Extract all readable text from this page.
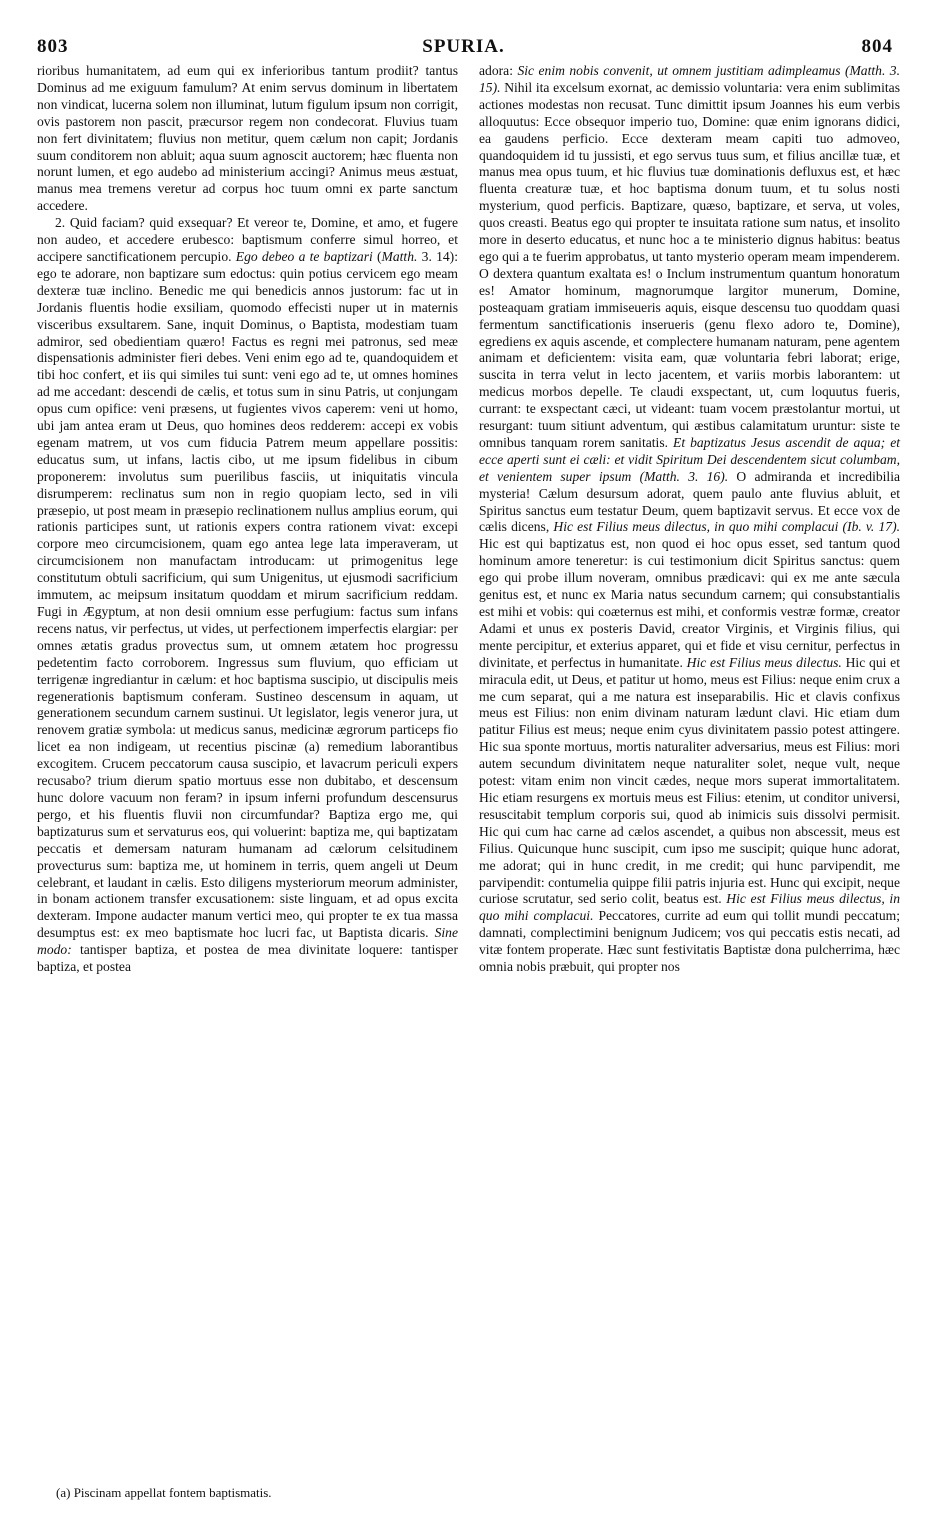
SPURIA.
803	804

rioribus humanitatem, ad eum qui ex inferioribus tantum prodiit? tantus Dominus ad me exiguum famulum? At enim servus dominum in libertatem non vindicat, lucerna solem non illuminat, lutum figulum ipsum non corrigit, ovis pastorem non pascit, præcursor regem non condecorat. Fluvius tuam non fert divinitatem; fluvius non metitur, quem cælum non capit; Jordanis suum conditorem non abluit; aqua suum agnoscit auctorem; hæc fluenta non norunt lumen, et ego audebo ad ministerium accingi? Animus meus æstuat, manus mea tremens veretur ad corpus hoc tuum omni ex parte sanctum accedere.

2. Quid faciam? quid exsequar? Et vereor te, Domine, et amo, et fugere non audeo, et accedere erubesco: baptismum conferre simul horreo, et accipere sanctificationem percupio. Ego debeo a te baptizari (Matth. 3. 14): ego te adorare, non baptizare sum edoctus: quin potius cervicem ego meam dexteræ tuæ inclino. Benedic me qui benedicis annos justorum: fac ut in Jordanis fluentis hodie exsiliam, quomodo effecisti nuper ut in maternis visceribus exsultarem. Sane, inquit Dominus, o Baptista, modestiam tuam admiror, sed obedientiam quæro! Factus es regni mei patronus, sed meæ dispensationis administer fieri debes. Veni enim ego ad te, quandoquidem et tibi hoc confert, et iis qui similes tui sunt: veni ego ad te, ut omnes homines ad me accedant: descendi de cælis, et totus sum in sinu Patris, ut conjungam opus cum opifice: veni præsens, ut fugientes vivos caperem: veni ut homo, ubi jam antea eram ut Deus, quo homines deos redderem: accepi ex vobis egenam matrem, ut vos cum fiducia Patrem meum appellare possitis: educatus sum, ut infans, lactis cibo, ut me ipsum fidelibus in cibum proponerem: involutus sum puerilibus fasciis, ut iniquitatis vincula disrumperem: reclinatus sum non in regio quopiam lecto, sed in vili præsepio, ut post meam in præsepio reclinationem nullus amplius eorum, qui rationis participes sunt, ut rationis expers contra rationem vivat: excepi corpore meo circumcisionem, quam ego antea lege lata imperaveram, ut circumcisionem non manufactam introducam: ut primogenitus lege constitutum obtuli sacrificium, qui sum Unigenitus, ut ejusmodi sacrificium immutem, ac meipsum insitatum quoddam et mirum sacrificium reddam. Fugi in Ægyptum, at non desii omnium esse perfugium: factus sum infans recens natus, vir perfectus, ut vides, ut perfectionem imperfectis elargiar: per omnes ætatis gradus provectus sum, ut omnem ætatem hoc progressu pedetentim facto corroborem. Ingressus sum fluvium, quo efficiam ut terrigenæ ingrediantur in cælum: et hoc baptisma suscipio, ut discipulis meis regenerationis baptismum conferam. Sustineo descensum in aquam, ut generationem secundum carnem sustinui. Ut legislator, legis veneror jura, ut renovem gratiæ symbola: ut medicus sanus, medicinæ ægrorum particeps fio licet ea non indigeam, ut recentius piscinæ (a) remedium laborantibus excogitem. Crucem peccatorum causa suscipio, et lavacrum periculi expers recusabo? trium dierum spatio mortuus esse non dubitabo, et descensum hunc dolore vacuum non feram? in ipsum inferni profundum descensurus pergo, et his fluentis fluvii non circumfundar? Baptiza ergo me, qui baptizaturus sum et servaturus eos, qui voluerint: baptiza me, qui baptizatam peccatis et demersam naturam humanam ad cælorum celsitudinem provecturus sum: baptiza me, ut hominem in terris, quem angeli ut Deum celebrant, et laudant in cælis. Esto diligens mysteriorum meorum administer, in bonam actionem transfer excusationem: siste linguam, et ad opus excita dexteram. Impone audacter manum vertici meo, qui propter te ex tua massa desumptus est: ex meo baptismate hoc lucri fac, ut Baptista dicaris. Sine modo: tantisper baptiza, et postea de mea divinitate loquere: tantisper baptiza, et postea

adora: Sic enim nobis convenit, ut omnem justitiam adimpleamus (Matth. 3. 15). Nihil ita excelsum exornat, ac demissio voluntaria: vera enim sublimitas actiones modestas non recusat. Tunc dimittit ipsum Joannes his eum verbis alloquutus: Ecce obsequor imperio tuo, Domine: quæ enim ignorans didici, ea gaudens perficio. Ecce dexteram meam capiti tuo admoveo, quandoquidem id tu jussisti, et ego servus tuus sum, et filius ancillæ tuæ, et manus mea opus tuum, et hic fluvius tuæ dominationis defluxus est, et hæc fluenta creaturæ tuæ, et hoc baptisma donum tuum, et tu solus nosti mysterium, quod perficis. Baptizare, quæso, baptizare, et serva, ut voles, quos creasti. Beatus ego qui propter te insuitata ratione sum natus, et insolito more in deserto educatus, et nunc hoc a te ministerio dignus habitus: beatus ego qui a te fuerim approbatus, ut tanto mysterio operam meam impenderem. O dextera quantum exaltata es! o Inclum instrumentum quantum honoratum es! Amator hominum, magnorumque largitor munerum, Domine, posteaquam gratiam immiseueris aquis, eisque descensu tuo quoddam quasi fermentum sanctificationis inserueris (genu flexo adoro te, Domine), egrediens ex aquis ascende, et complectere humanam naturam, pene agentem animam et deficientem: visita eam, quæ voluntaria febri laborat; erige, suscita in terra velut in lecto jacentem, et variis morbis laborantem: ut medicus morbos depelle. Te claudi exspectant, ut, cum loquutus fueris, currant: te exspectant cæci, ut videant: tuam vocem præstolantur mortui, ut resurgant: tuum sitiunt adventum, qui æstibus calamitatum uruntur: siste te omnibus tanquam rorem sanitatis. Et baptizatus Jesus ascendit de aqua; et ecce aperti sunt ei cæli: et vidit Spiritum Dei descendentem sicut columbam, et venientem super ipsum (Matth. 3. 16). O admiranda et incredibilia mysteria! Cælum desursum adorat, quem paulo ante fluvius abluit, et Spiritus sanctus eum testatur Deum, quem baptizavit servus. Et ecce vox de cælis dicens, Hic est Filius meus dilectus, in quo mihi complacui (Ib. v. 17). Hic est qui baptizatus est, non quod ei hoc opus esset, sed tantum quod hominum amore teneretur: is cui testimonium dicit Spiritus sanctus: quem ego qui probe illum noveram, omnibus prædicavi: qui ex me ante sæcula genitus est, et nunc ex Maria natus secundum carnem; qui consubstantialis est mihi et vobis: qui coæternus est mihi, et conformis vestræ formæ, creator Adami et unus ex posteris David, creator Virginis, et Virginis filius, qui mente percipitur, et exterius apparet, qui et fide et visu cernitur, perfectus in divinitate, et perfectus in humanitate. Hic est Filius meus dilectus. Hic qui et miracula edit, ut Deus, et patitur ut homo, meus est Filius: neque enim crux a me cum separat, qui a me natura est inseparabilis. Hic et clavis confixus meus est Filius: non enim divinam naturam lædunt clavi. Hic etiam dum patitur Filius est meus; neque enim cyus divinitatem passio potest attingere. Hic sua sponte mortuus, mortis naturaliter adversarius, meus est Filius: mori autem secundum divinitatem neque naturaliter solet, neque vult, neque potest: vitam enim non vincit cædes, neque mors superat immortalitatem. Hic etiam resurgens ex mortuis meus est Filius: etenim, ut conditor universi, resuscitabit templum corporis sui, quod ab inimicis suis dissolvi permisit. Hic qui cum hac carne ad cælos ascendet, a quibus non abscessit, meus est Filius. Quicunque hunc suscipit, cum ipso me suscipit; quique hunc adorat, me adorat; qui in hunc credit, in me credit; qui hunc parvipendit, me parvipendit: contumelia quippe filii patris injuria est. Hunc qui excipit, neque curiose scrutatur, sed serio colit, beatus est. Hic est Filius meus dilectus, in quo mihi complacui. Peccatores, currite ad eum qui tollit mundi peccatum; damnati, complectimini benignum Judicem; vos qui peccatis estis necati, ad vitæ fontem properate. Hæc sunt festivitatis Baptistæ dona pulcherrima, hæc omnia nobis præbuit, qui propter nos

(a) Piscinam appellat fontem baptismatis.
